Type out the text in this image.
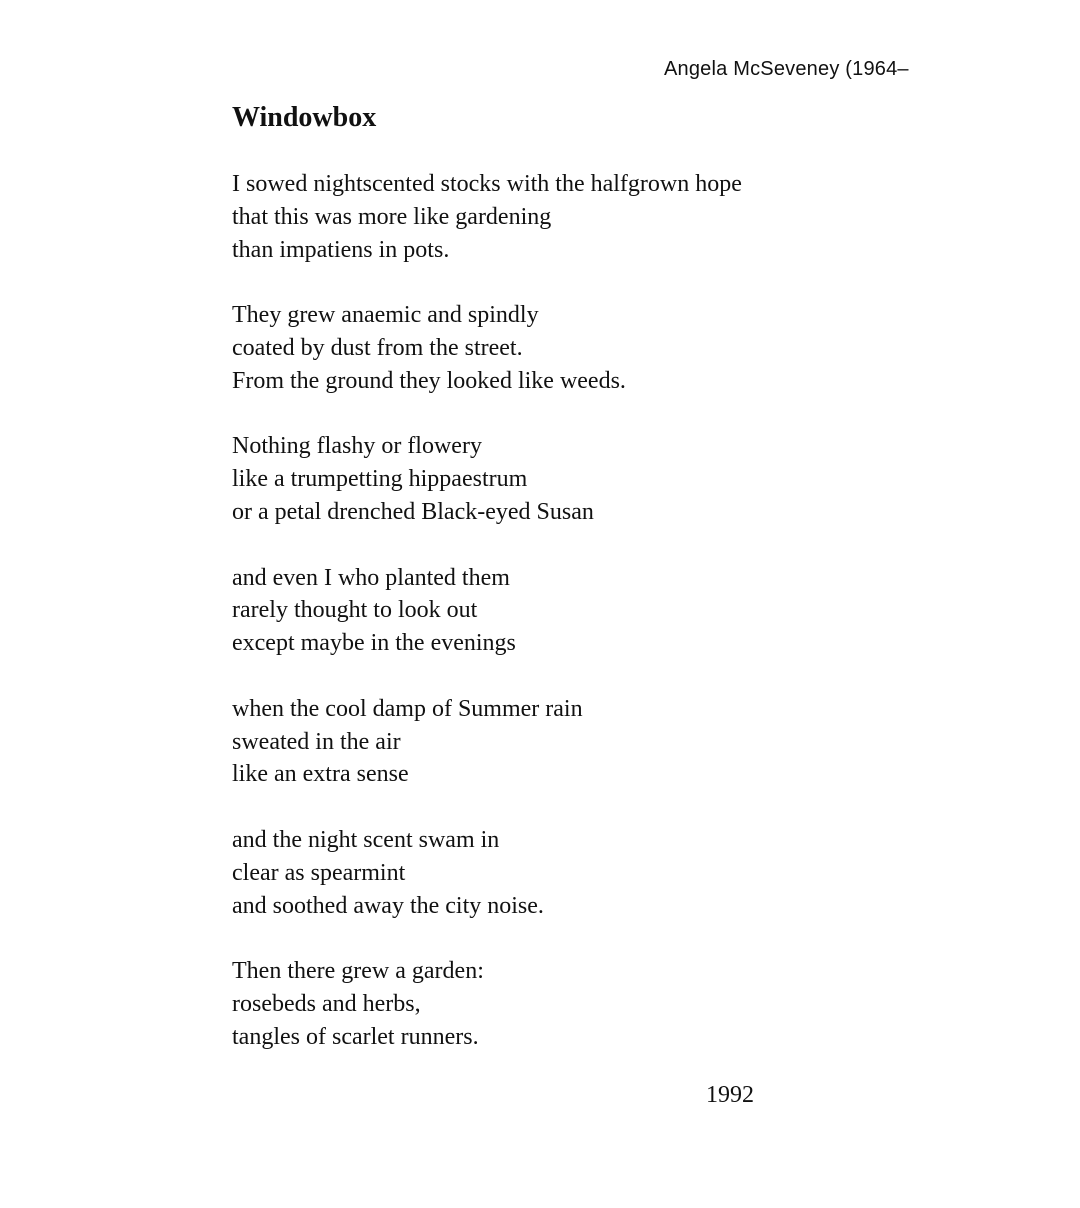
Angela McSeveney (1964–
Windowbox
I sowed nightscented stocks with the halfgrown hope
that this was more like gardening
than impatiens in pots.
They grew anaemic and spindly
coated by dust from the street.
From the ground they looked like weeds.
Nothing flashy or flowery
like a trumpetting hippaestrum
or a petal drenched Black-eyed Susan
and even I who planted them
rarely thought to look out
except maybe in the evenings
when the cool damp of Summer rain
sweated in the air
like an extra sense
and the night scent swam in
clear as spearmint
and soothed away the city noise.
Then there grew a garden:
rosebeds and herbs,
tangles of scarlet runners.
1992
